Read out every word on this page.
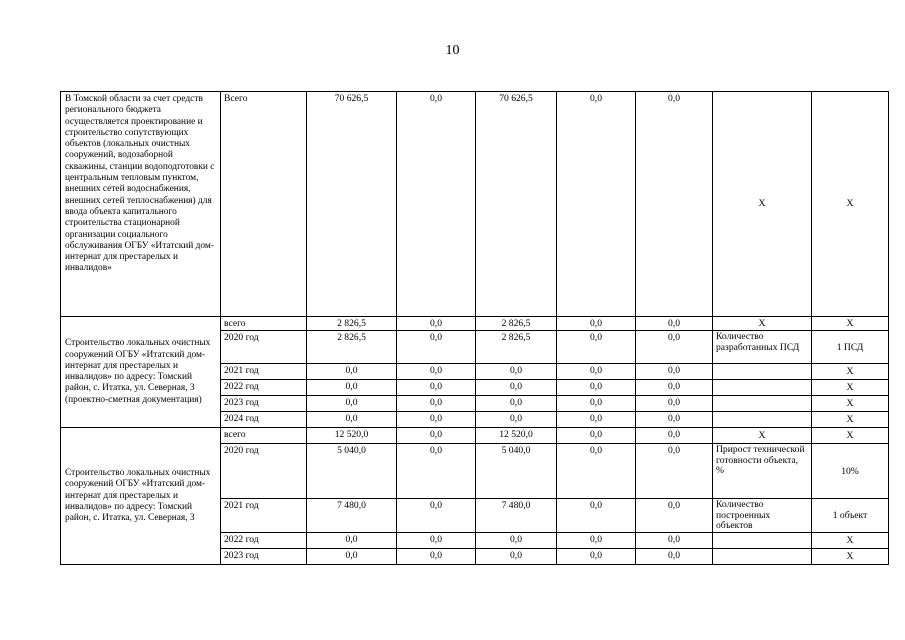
10
В Томской области за счет средств регионального бюджета осуществляется проектирование и строительство сопутствующих объектов (локальных очистных сооружений, водозаборной скважины, станции водоподготовки с центральным тепловым пунктом, внешних сетей водоснабжения, внешних сетей теплоснабжения) для ввода объекта капитального строительства стационарной организации социального обслуживания ОГБУ «Итатский дом-интернат для престарелых и инвалидов»	Всего	70 626,5	0,0	70 626,5	0,0	0,0	Х	Х
Строительство локальных очистных сооружений ОГБУ «Итатский дом-интернат для престарелых и инвалидов» по адресу: Томский район, с. Итатка, ул. Северная, 3 (проектно-сметная документация)	всего	2 826,5	0,0	2 826,5	0,0	0,0	Х	Х
	2020 год	2 826,5	0,0	2 826,5	0,0	0,0	Количество разработанных ПСД	1 ПСД
	2021 год	0,0	0,0	0,0	0,0	0,0		Х
	2022 год	0,0	0,0	0,0	0,0	0,0		Х
	2023 год	0,0	0,0	0,0	0,0	0,0		Х
	2024 год	0,0	0,0	0,0	0,0	0,0		Х
Строительство локальных очистных сооружений ОГБУ «Итатский дом-интернат для престарелых и инвалидов» по адресу: Томский район, с. Итатка, ул. Северная, 3	всего	12 520,0	0,0	12 520,0	0,0	0,0	Х	Х
	2020 год	5 040,0	0,0	5 040,0	0,0	0,0	Прирост технической готовности объекта, %	10%
	2021 год	7 480,0	0,0	7 480,0	0,0	0,0	Количество построенных объектов	1 объект
	2022 год	0,0	0,0	0,0	0,0	0,0		Х
	2023 год	0,0	0,0	0,0	0,0	0,0		Х
